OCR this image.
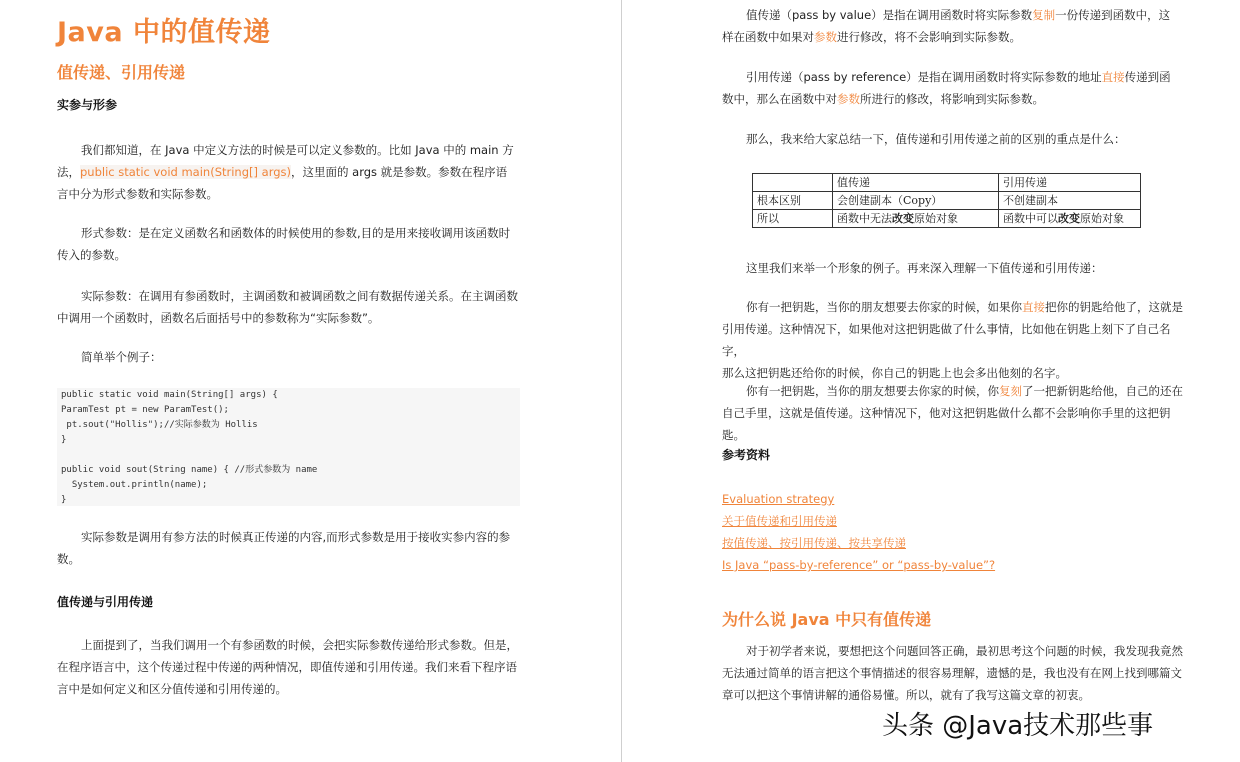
Java 中的值传递
值传递、引用传递
实参与形参
我们都知道，在 Java 中定义方法的时候是可以定义参数的。比如 Java 中的 main 方
法，public static void main(String[] args)，这里面的 args 就是参数。参数在程序语
言中分为形式参数和实际参数。
形式参数：是在定义函数名和函数体的时候使用的参数,目的是用来接收调用该函数时
传入的参数。
实际参数：在调用有参函数时，主调函数和被调函数之间有数据传递关系。在主调函数
中调用一个函数时，函数名后面括号中的参数称为“实际参数”。
简单举个例子：
public static void main(String[] args) {
ParamTest pt = new ParamTest();
pt.sout("Hollis");//实际参数为 Hollis
}
public void sout(String name) { //形式参数为 name
System.out.println(name);
}
实际参数是调用有参方法的时候真正传递的内容,而形式参数是用于接收实参内容的参
数。
值传递与引用传递
上面提到了，当我们调用一个有参函数的时候，会把实际参数传递给形式参数。但是，
在程序语言中，这个传递过程中传递的两种情况，即值传递和引用传递。我们来看下程序语
言中是如何定义和区分值传递和引用传递的。
值传递（pass by value）是指在调用函数时将实际参数复制一份传递到函数中，这
样在函数中如果对参数进行修改，将不会影响到实际参数。
引用传递（pass by reference）是指在调用函数时将实际参数的地址直接传递到函
数中，那么在函数中对参数所进行的修改，将影响到实际参数。
那么，我来给大家总结一下，值传递和引用传递之前的区别的重点是什么：
	值传递	引用传递
根本区别	会创建副本（Copy）	不创建副本
所以	函数中无法改变原始对象	函数中可以改变原始对象
这里我们来举一个形象的例子。再来深入理解一下值传递和引用传递：
你有一把钥匙，当你的朋友想要去你家的时候，如果你直接把你的钥匙给他了，这就是
引用传递。这种情况下，如果他对这把钥匙做了什么事情，比如他在钥匙上刻下了自己名字，
那么这把钥匙还给你的时候，你自己的钥匙上也会多出他刻的名字。
你有一把钥匙，当你的朋友想要去你家的时候，你复刻了一把新钥匙给他，自己的还在
自己手里，这就是值传递。这种情况下，他对这把钥匙做什么都不会影响你手里的这把钥匙。
参考资料
Evaluation strategy
关于值传递和引用传递
按值传递、按引用传递、按共享传递
Is Java “pass-by-reference” or “pass-by-value”?
为什么说 Java 中只有值传递
对于初学者来说，要想把这个问题回答正确，最初思考这个问题的时候，我发现我竟然
无法通过简单的语言把这个事情描述的很容易理解，遗憾的是，我也没有在网上找到哪篇文
章可以把这个事情讲解的通俗易懂。所以，就有了我写这篇文章的初衷。
头条 @Java技术那些事
